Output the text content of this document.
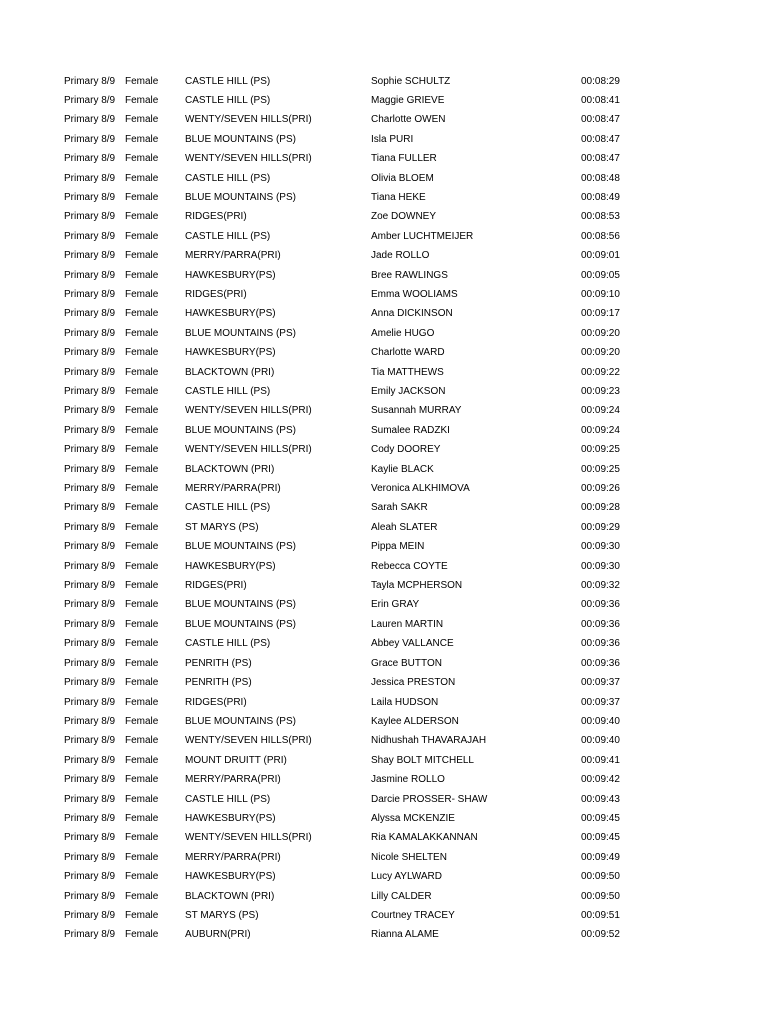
Primary 8/9 Female	CASTLE HILL (PS)	Sophie SCHULTZ	00:08:29
Primary 8/9 Female	CASTLE HILL (PS)	Maggie GRIEVE	00:08:41
Primary 8/9 Female	WENTY/SEVEN HILLS(PRI)	Charlotte OWEN	00:08:47
Primary 8/9 Female	BLUE MOUNTAINS (PS)	Isla PURI	00:08:47
Primary 8/9 Female	WENTY/SEVEN HILLS(PRI)	Tiana FULLER	00:08:47
Primary 8/9 Female	CASTLE HILL (PS)	Olivia BLOEM	00:08:48
Primary 8/9 Female	BLUE MOUNTAINS (PS)	Tiana HEKE	00:08:49
Primary 8/9 Female	RIDGES(PRI)	Zoe DOWNEY	00:08:53
Primary 8/9 Female	CASTLE HILL (PS)	Amber LUCHTMEIJER	00:08:56
Primary 8/9 Female	MERRY/PARRA(PRI)	Jade ROLLO	00:09:01
Primary 8/9 Female	HAWKESBURY(PS)	Bree RAWLINGS	00:09:05
Primary 8/9 Female	RIDGES(PRI)	Emma WOOLIAMS	00:09:10
Primary 8/9 Female	HAWKESBURY(PS)	Anna DICKINSON	00:09:17
Primary 8/9 Female	BLUE MOUNTAINS (PS)	Amelie HUGO	00:09:20
Primary 8/9 Female	HAWKESBURY(PS)	Charlotte WARD	00:09:20
Primary 8/9 Female	BLACKTOWN (PRI)	Tia MATTHEWS	00:09:22
Primary 8/9 Female	CASTLE HILL (PS)	Emily JACKSON	00:09:23
Primary 8/9 Female	WENTY/SEVEN HILLS(PRI)	Susannah MURRAY	00:09:24
Primary 8/9 Female	BLUE MOUNTAINS (PS)	Sumalee RADZKI	00:09:24
Primary 8/9 Female	WENTY/SEVEN HILLS(PRI)	Cody DOOREY	00:09:25
Primary 8/9 Female	BLACKTOWN (PRI)	Kaylie BLACK	00:09:25
Primary 8/9 Female	MERRY/PARRA(PRI)	Veronica ALKHIMOVA	00:09:26
Primary 8/9 Female	CASTLE HILL (PS)	Sarah SAKR	00:09:28
Primary 8/9 Female	ST MARYS (PS)	Aleah SLATER	00:09:29
Primary 8/9 Female	BLUE MOUNTAINS (PS)	Pippa MEIN	00:09:30
Primary 8/9 Female	HAWKESBURY(PS)	Rebecca COYTE	00:09:30
Primary 8/9 Female	RIDGES(PRI)	Tayla MCPHERSON	00:09:32
Primary 8/9 Female	BLUE MOUNTAINS (PS)	Erin GRAY	00:09:36
Primary 8/9 Female	BLUE MOUNTAINS (PS)	Lauren MARTIN	00:09:36
Primary 8/9 Female	CASTLE HILL (PS)	Abbey VALLANCE	00:09:36
Primary 8/9 Female	PENRITH (PS)	Grace BUTTON	00:09:36
Primary 8/9 Female	PENRITH (PS)	Jessica PRESTON	00:09:37
Primary 8/9 Female	RIDGES(PRI)	Laila HUDSON	00:09:37
Primary 8/9 Female	BLUE MOUNTAINS (PS)	Kaylee ALDERSON	00:09:40
Primary 8/9 Female	WENTY/SEVEN HILLS(PRI)	Nidhushah THAVARAJAH	00:09:40
Primary 8/9 Female	MOUNT DRUITT (PRI)	Shay BOLT MITCHELL	00:09:41
Primary 8/9 Female	MERRY/PARRA(PRI)	Jasmine ROLLO	00:09:42
Primary 8/9 Female	CASTLE HILL (PS)	Darcie PROSSER- SHAW	00:09:43
Primary 8/9 Female	HAWKESBURY(PS)	Alyssa MCKENZIE	00:09:45
Primary 8/9 Female	WENTY/SEVEN HILLS(PRI)	Ria KAMALAKKANNAN	00:09:45
Primary 8/9 Female	MERRY/PARRA(PRI)	Nicole SHELTEN	00:09:49
Primary 8/9 Female	HAWKESBURY(PS)	Lucy AYLWARD	00:09:50
Primary 8/9 Female	BLACKTOWN (PRI)	Lilly CALDER	00:09:50
Primary 8/9 Female	ST MARYS (PS)	Courtney TRACEY	00:09:51
Primary 8/9 Female	AUBURN(PRI)	Rianna ALAME	00:09:52
